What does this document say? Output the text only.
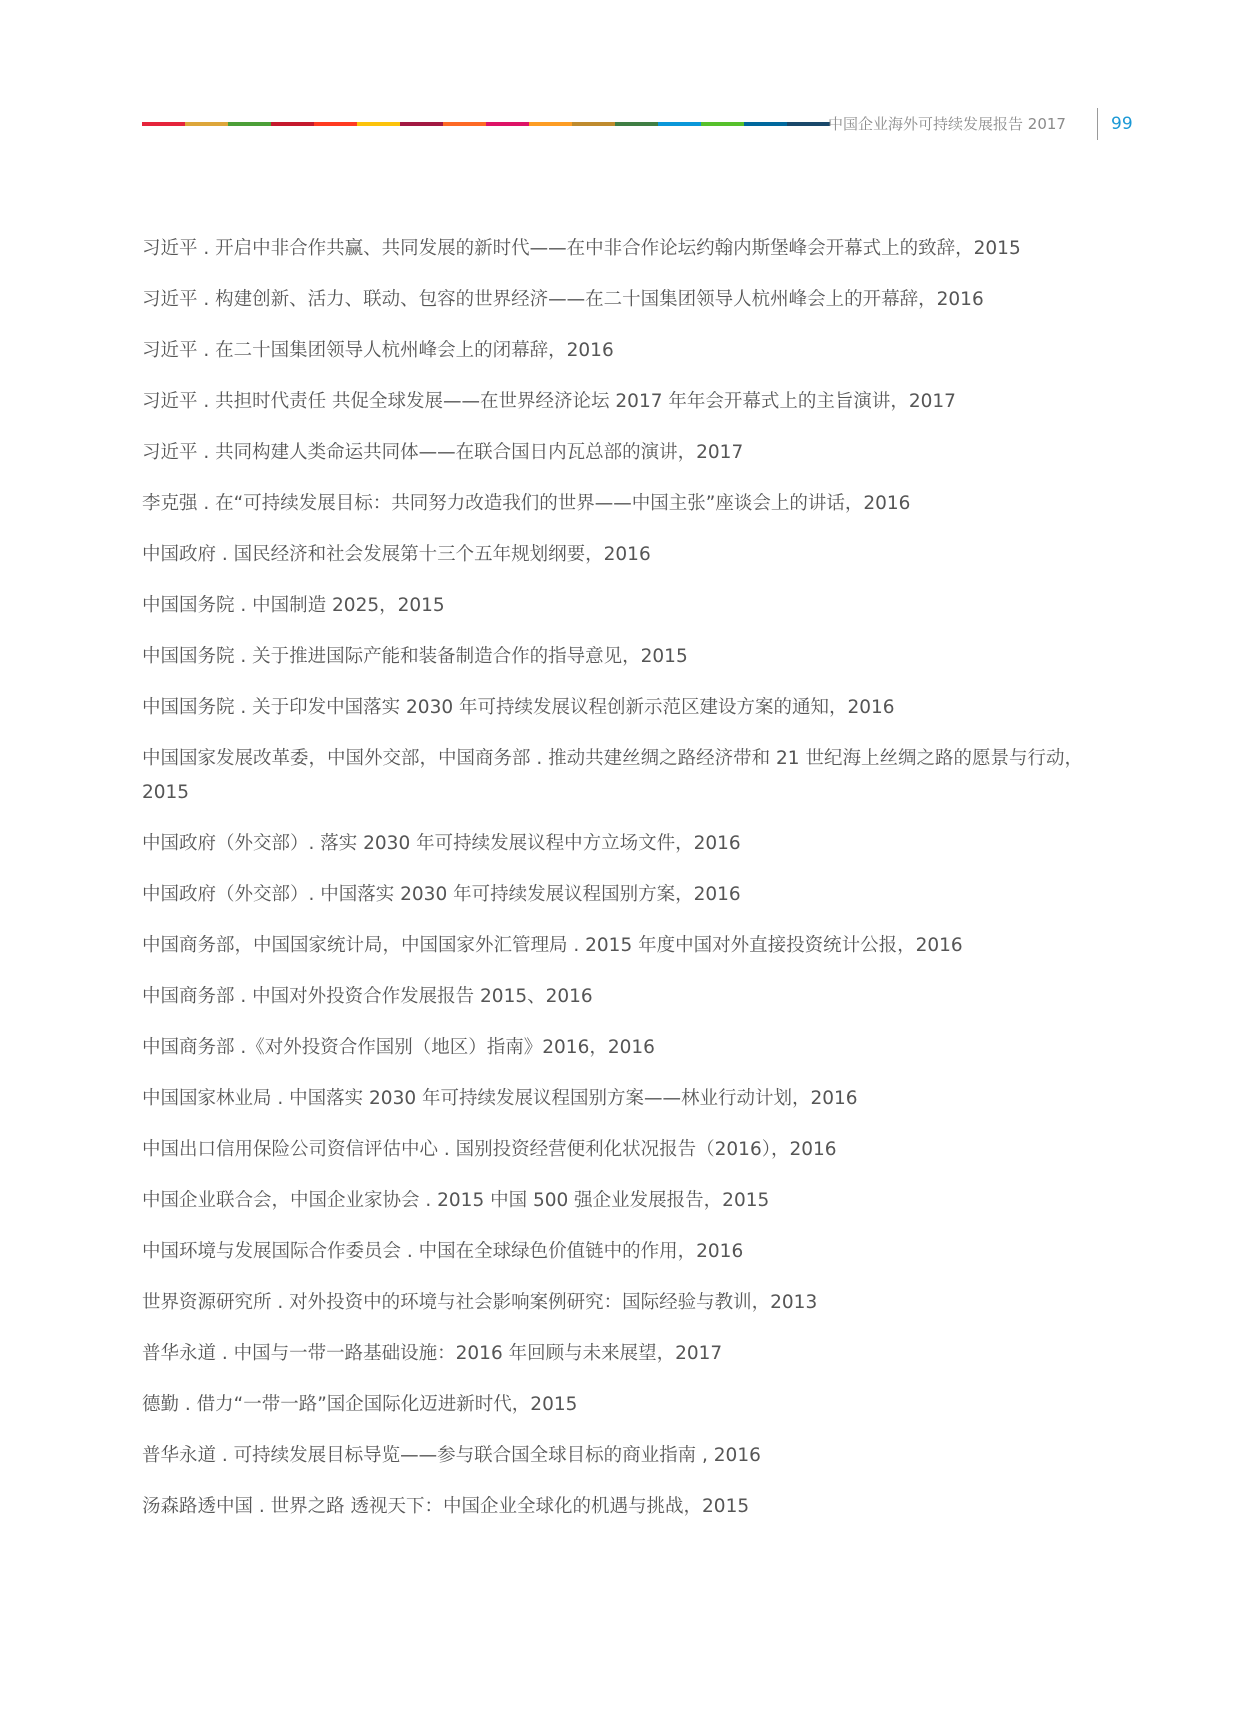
中国企业海外可持续发展报告 2017	99

习近平 . 开启中非合作共赢、共同发展的新时代——在中非合作论坛约翰内斯堡峰会开幕式上的致辞，2015

习近平 . 构建创新、活力、联动、包容的世界经济——在二十国集团领导人杭州峰会上的开幕辞，2016

习近平 . 在二十国集团领导人杭州峰会上的闭幕辞，2016

习近平 . 共担时代责任 共促全球发展——在世界经济论坛 2017 年年会开幕式上的主旨演讲，2017

习近平 . 共同构建人类命运共同体——在联合国日内瓦总部的演讲，2017

李克强 . 在“可持续发展目标：共同努力改造我们的世界——中国主张”座谈会上的讲话，2016

中国政府 . 国民经济和社会发展第十三个五年规划纲要，2016

中国国务院 . 中国制造 2025，2015

中国国务院 . 关于推进国际产能和装备制造合作的指导意见，2015

中国国务院 . 关于印发中国落实 2030 年可持续发展议程创新示范区建设方案的通知，2016

中国国家发展改革委，中国外交部，中国商务部 . 推动共建丝绸之路经济带和 21 世纪海上丝绸之路的愿景与行动，2015

中国政府（外交部）. 落实 2030 年可持续发展议程中方立场文件，2016

中国政府（外交部）. 中国落实 2030 年可持续发展议程国别方案，2016

中国商务部，中国国家统计局，中国国家外汇管理局 . 2015 年度中国对外直接投资统计公报，2016

中国商务部 . 中国对外投资合作发展报告 2015、2016

中国商务部 .《对外投资合作国别（地区）指南》2016，2016

中国国家林业局 . 中国落实 2030 年可持续发展议程国别方案——林业行动计划，2016

中国出口信用保险公司资信评估中心 . 国别投资经营便利化状况报告（2016），2016

中国企业联合会，中国企业家协会 . 2015 中国 500 强企业发展报告，2015

中国环境与发展国际合作委员会 . 中国在全球绿色价值链中的作用，2016

世界资源研究所 . 对外投资中的环境与社会影响案例研究：国际经验与教训，2013

普华永道 . 中国与一带一路基础设施：2016 年回顾与未来展望，2017

德勤 . 借力“一带一路”国企国际化迈进新时代，2015

普华永道 . 可持续发展目标导览——参与联合国全球目标的商业指南 , 2016

汤森路透中国 . 世界之路 透视天下：中国企业全球化的机遇与挑战，2015
